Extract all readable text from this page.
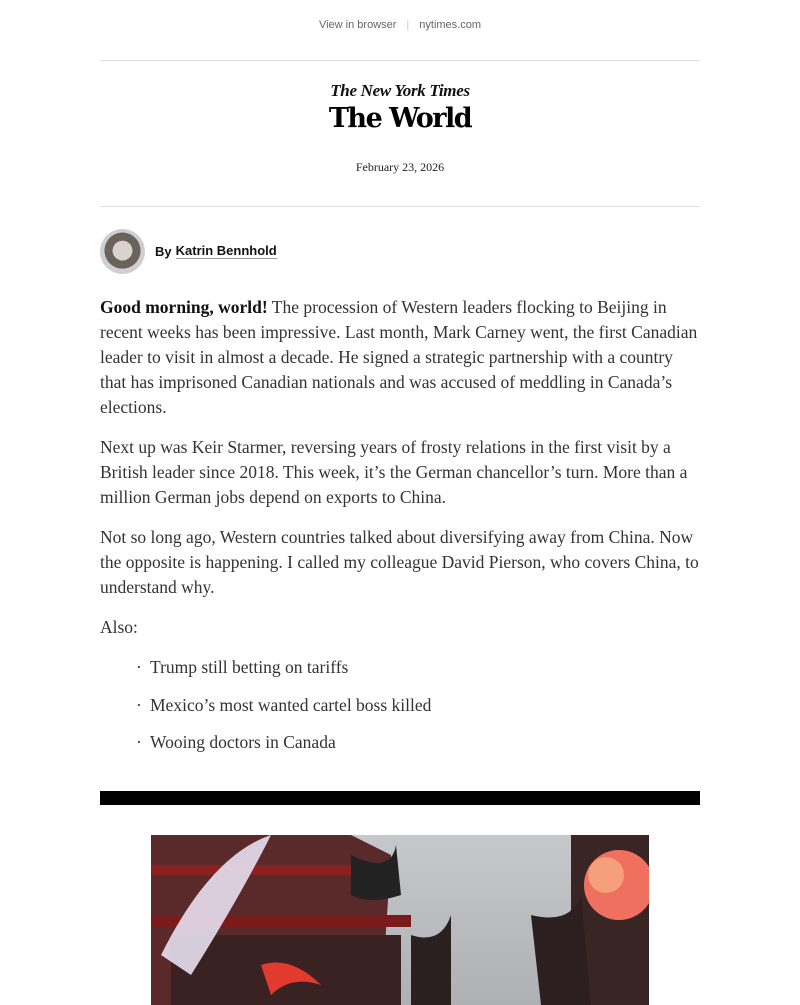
View in browser | nytimes.com
The New York Times
The World
February 23, 2026
By Katrin Bennhold

Good morning, world! The procession of Western leaders flocking to Beijing in recent weeks has been impressive. Last month, Mark Carney went, the first Canadian leader to visit in almost a decade. He signed a strategic partnership with a country that has imprisoned Canadian nationals and was accused of meddling in Canada’s elections.

Next up was Keir Starmer, reversing years of frosty relations in the first visit by a British leader since 2018. This week, it’s the German chancellor’s turn. More than a million German jobs depend on exports to China.

Not so long ago, Western countries talked about diversifying away from China. Now the opposite is happening. I called my colleague David Pierson, who covers China, to understand why.

Also:

· Trump still betting on tariffs
· Mexico’s most wanted cartel boss killed
· Wooing doctors in Canada
